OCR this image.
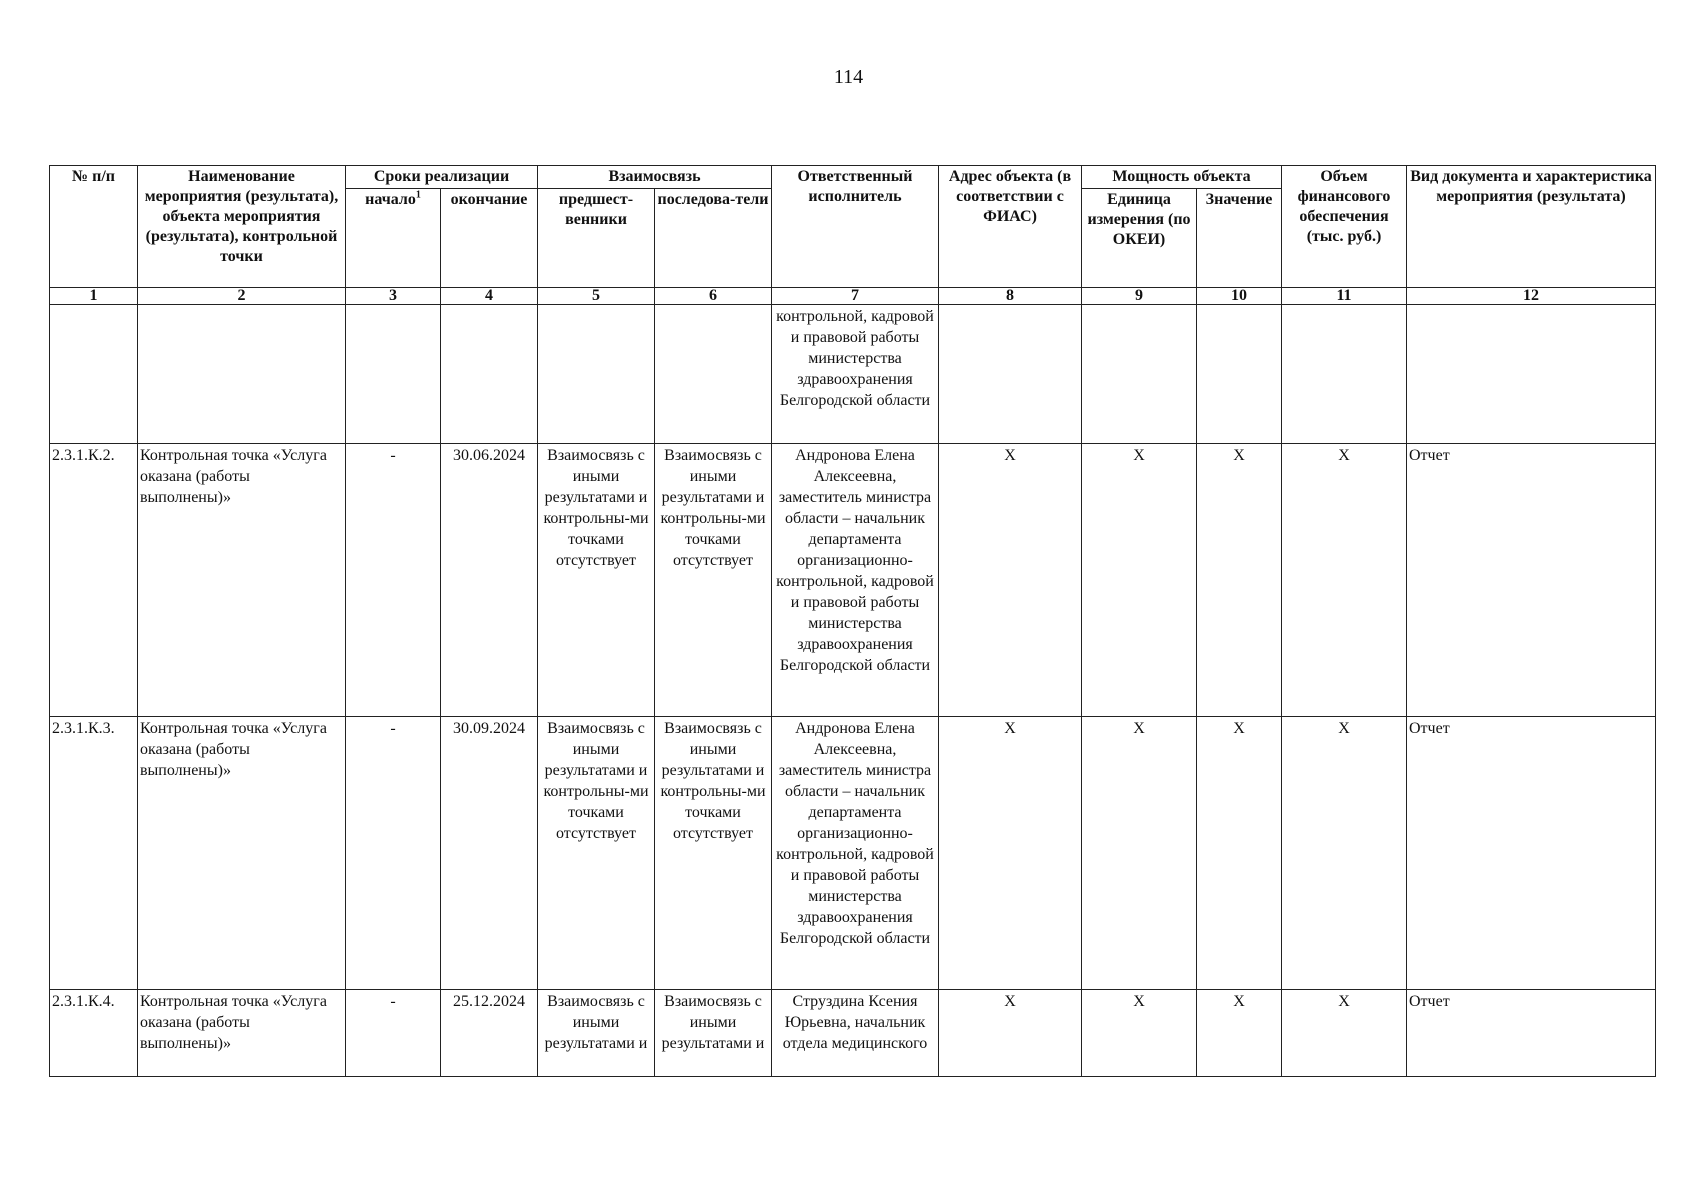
114
№ п/п	Наименование мероприятия (результата), объекта мероприятия (результата), контрольной точки	Сроки реализации		Взаимосвязь		Ответственный исполнитель	Адрес объекта (в соответствии с ФИАС)	Мощность объекта		Объем финансового обеспечения (тыс. руб.)	Вид документа и характеристика мероприятия (результата)
		начало$^1$	окончание	предшест-венники	последова-тели			Единица измерения (по ОКЕИ)	Значение		
1	2	3	4	5	6	7	8	9	10	11	12
						контрольной, кадровой и правовой работы министерства здравоохранения Белгородской области					
2.3.1.К.2.	Контрольная точка «Услуга оказана (работы выполнены)»	-	30.06.2024	Взаимосвязь с иными результатами и контрольны-ми точками отсутствует	Взаимосвязь с иными результатами и контрольны-ми точками отсутствует	Андронова Елена Алексеевна, заместитель министра области – начальник департамента организационно-контрольной, кадровой и правовой работы министерства здравоохранения Белгородской области	Х	Х	Х	Х	Отчет
2.3.1.К.3.	Контрольная точка «Услуга оказана (работы выполнены)»	-	30.09.2024	Взаимосвязь с иными результатами и контрольны-ми точками отсутствует	Взаимосвязь с иными результатами и контрольны-ми точками отсутствует	Андронова Елена Алексеевна, заместитель министра области – начальник департамента организационно-контрольной, кадровой и правовой работы министерства здравоохранения Белгородской области	Х	Х	Х	Х	Отчет
2.3.1.К.4.	Контрольная точка «Услуга оказана (работы выполнены)»	-	25.12.2024	Взаимосвязь с иными результатами и	Взаимосвязь с иными результатами и	Струздина Ксения Юрьевна, начальник отдела медицинского	Х	Х	Х	Х	Отчет
